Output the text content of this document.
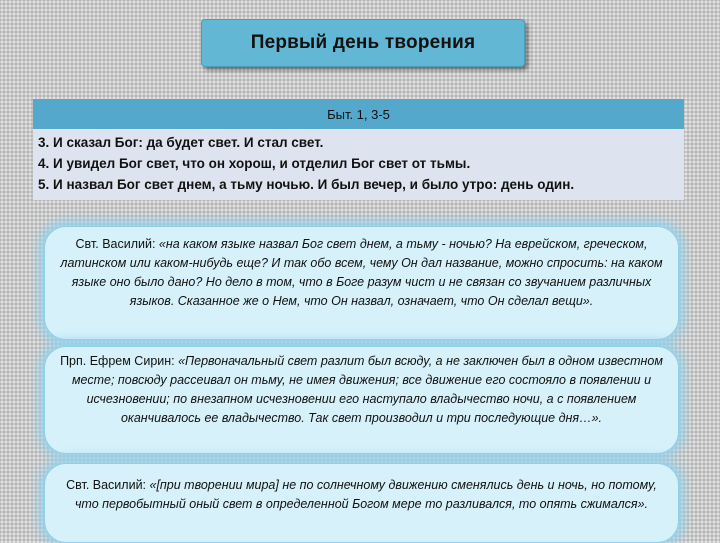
Первый день творения
Быт. 1, 3-5
3. И сказал Бог: да будет свет. И стал свет.
4. И увидел Бог свет, что он хорош, и отделил Бог свет от тьмы.
5. И назвал Бог свет днем, а тьму ночью. И был вечер, и было утро: день один.
Свт. Василий: «на каком языке назвал Бог свет днем, а тьму - ночью? На еврейском, греческом, латинском или каком-нибудь еще? И так обо всем, чему Он дал название, можно спросить: на каком языке оно было дано? Но дело в том, что в Боге разум чист и не связан со звучанием различных языков. Сказанное же о Нем, что Он назвал, означает, что Он сделал вещи».
Прп. Ефрем Сирин: «Первоначальный свет разлит был всюду, а не заключен был в одном известном месте; повсюду рассеивал он тьму, не имея движения; все движение его состояло в появлении и исчезновении; по внезапном исчезновении его наступало владычество ночи, а с появлением оканчивалось ее владычество. Так свет производил и три последующие дня…».
Свт. Василий: «[при творении мира] не по солнечному движению сменялись день и ночь, но потому, что первобытный оный свет в определенной Богом мере то разливался, то опять сжимался».
